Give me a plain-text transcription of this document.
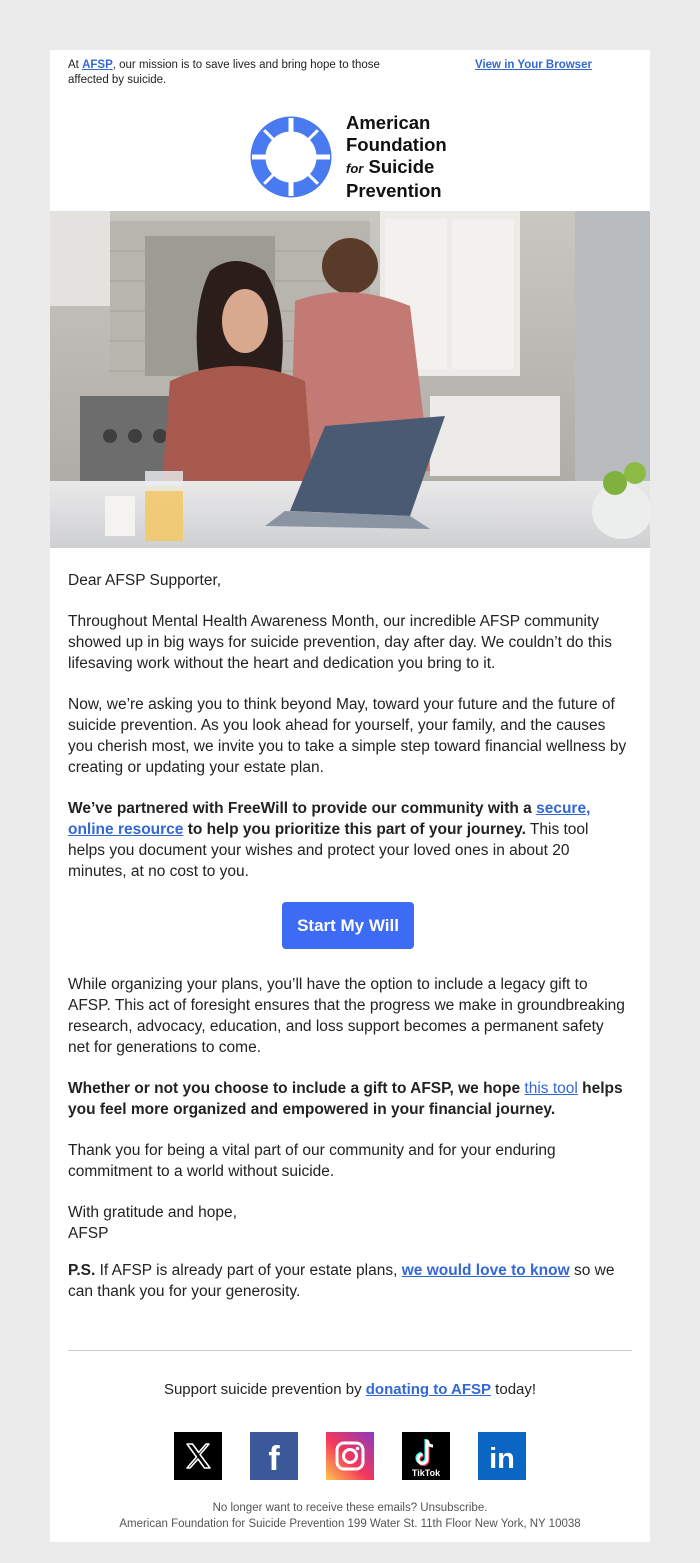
At AFSP, our mission is to save lives and bring hope to those affected by suicide.
View in Your Browser
American
Foundation
for Suicide
Prevention

Dear AFSP Supporter,

Throughout Mental Health Awareness Month, our incredible AFSP community showed up in big ways for suicide prevention, day after day. We couldn’t do this lifesaving work without the heart and dedication you bring to it.

Now, we’re asking you to think beyond May, toward your future and the future of suicide prevention. As you look ahead for yourself, your family, and the causes you cherish most, we invite you to take a simple step toward financial wellness by creating or updating your estate plan.

We’ve partnered with FreeWill to provide our community with a secure, online resource to help you prioritize this part of your journey. This tool helps you document your wishes and protect your loved ones in about 20 minutes, at no cost to you.

Start My Will

While organizing your plans, you’ll have the option to include a legacy gift to AFSP. This act of foresight ensures that the progress we make in groundbreaking research, advocacy, education, and loss support becomes a permanent safety net for generations to come.

Whether or not you choose to include a gift to AFSP, we hope this tool helps you feel more organized and empowered in your financial journey.

Thank you for being a vital part of our community and for your enduring commitment to a world without suicide.

With gratitude and hope,
AFSP

P.S. If AFSP is already part of your estate plans, we would love to know so we can thank you for your generosity.

Support suicide prevention by donating to AFSP today!
f	TikTok in
No longer want to receive these emails? Unsubscribe.
American Foundation for Suicide Prevention 199 Water St. 11th Floor New York, NY 10038
